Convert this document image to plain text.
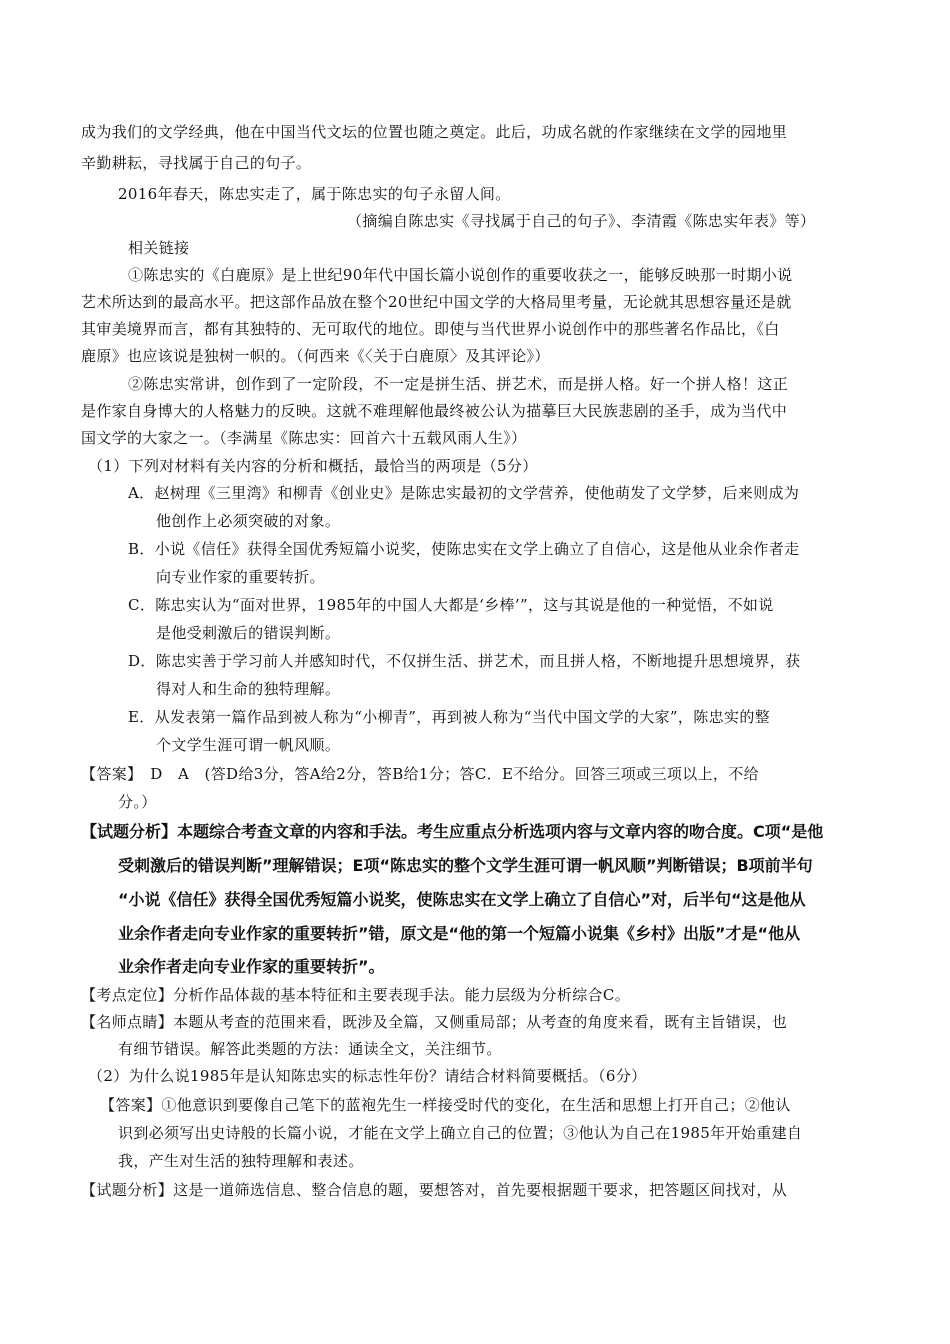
成为我们的文学经典，他在中国当代文坛的位置也随之奠定。此后，功成名就的作家继续在文学的园地里
辛勤耕耘，寻找属于自己的句子。
2016年春天，陈忠实走了，属于陈忠实的句子永留人间。
（摘编自陈忠实《寻找属于自己的句子》、李清霞《陈忠实年表》等）
相关链接
①陈忠实的《白鹿原》是上世纪90年代中国长篇小说创作的重要收获之一，能够反映那一时期小说
艺术所达到的最高水平。把这部作品放在整个20世纪中国文学的大格局里考量，无论就其思想容量还是就
其审美境界而言，都有其独特的、无可取代的地位。即使与当代世界小说创作中的那些著名作品比，《白
鹿原》也应该说是独树一帜的。（何西来《〈关于白鹿原〉及其评论》）
②陈忠实常讲，创作到了一定阶段，不一定是拼生活、拼艺术，而是拼人格。好一个拼人格！这正
是作家自身博大的人格魅力的反映。这就不难理解他最终被公认为描摹巨大民族悲剧的圣手，成为当代中
国文学的大家之一。（李满星《陈忠实：回首六十五载风雨人生》）
（1）下列对材料有关内容的分析和概括，最恰当的两项是（5分）
A．赵树理《三里湾》和柳青《创业史》是陈忠实最初的文学营养，使他萌发了文学梦，后来则成为
他创作上必须突破的对象。
B．小说《信任》获得全国优秀短篇小说奖，使陈忠实在文学上确立了自信心，这是他从业余作者走
向专业作家的重要转折。
C．陈忠实认为“面对世界，1985年的中国人大都是‘乡棒’”，这与其说是他的一种觉悟，不如说
是他受刺激后的错误判断。
D．陈忠实善于学习前人并感知时代，不仅拼生活、拼艺术，而且拼人格，不断地提升思想境界，获
得对人和生命的独特理解。
E．从发表第一篇作品到被人称为“小柳青”，再到被人称为“当代中国文学的大家”，陈忠实的整
个文学生涯可谓一帆风顺。
【答案】　D　A　(答D给3分，答A给2分，答B给1分；答C．E不给分。回答三项或三项以上，不给
分。）
【试题分析】本题综合考查文章的内容和手法。考生应重点分析选项内容与文章内容的吻合度。C项“是他
受刺激后的错误判断”理解错误；E项“陈忠实的整个文学生涯可谓一帆风顺”判断错误；B项前半句
“小说《信任》获得全国优秀短篇小说奖，使陈忠实在文学上确立了自信心”对，后半句“这是他从
业余作者走向专业作家的重要转折”错，原文是“他的第一个短篇小说集《乡村》出版”才是“他从
业余作者走向专业作家的重要转折”。
【考点定位】分析作品体裁的基本特征和主要表现手法。能力层级为分析综合C。
【名师点睛】本题从考查的范围来看，既涉及全篇，又侧重局部；从考查的角度来看，既有主旨错误，也
有细节错误。解答此类题的方法：通读全文，关注细节。
（2）为什么说1985年是认知陈忠实的标志性年份？请结合材料简要概括。（6分）
【答案】①他意识到要像自己笔下的蓝袍先生一样接受时代的变化，在生活和思想上打开自己；②他认
识到必须写出史诗般的长篇小说，才能在文学上确立自己的位置；③他认为自己在1985年开始重建自
我，产生对生活的独特理解和表述。
【试题分析】这是一道筛选信息、整合信息的题，要想答对，首先要根据题干要求，把答题区间找对，从
